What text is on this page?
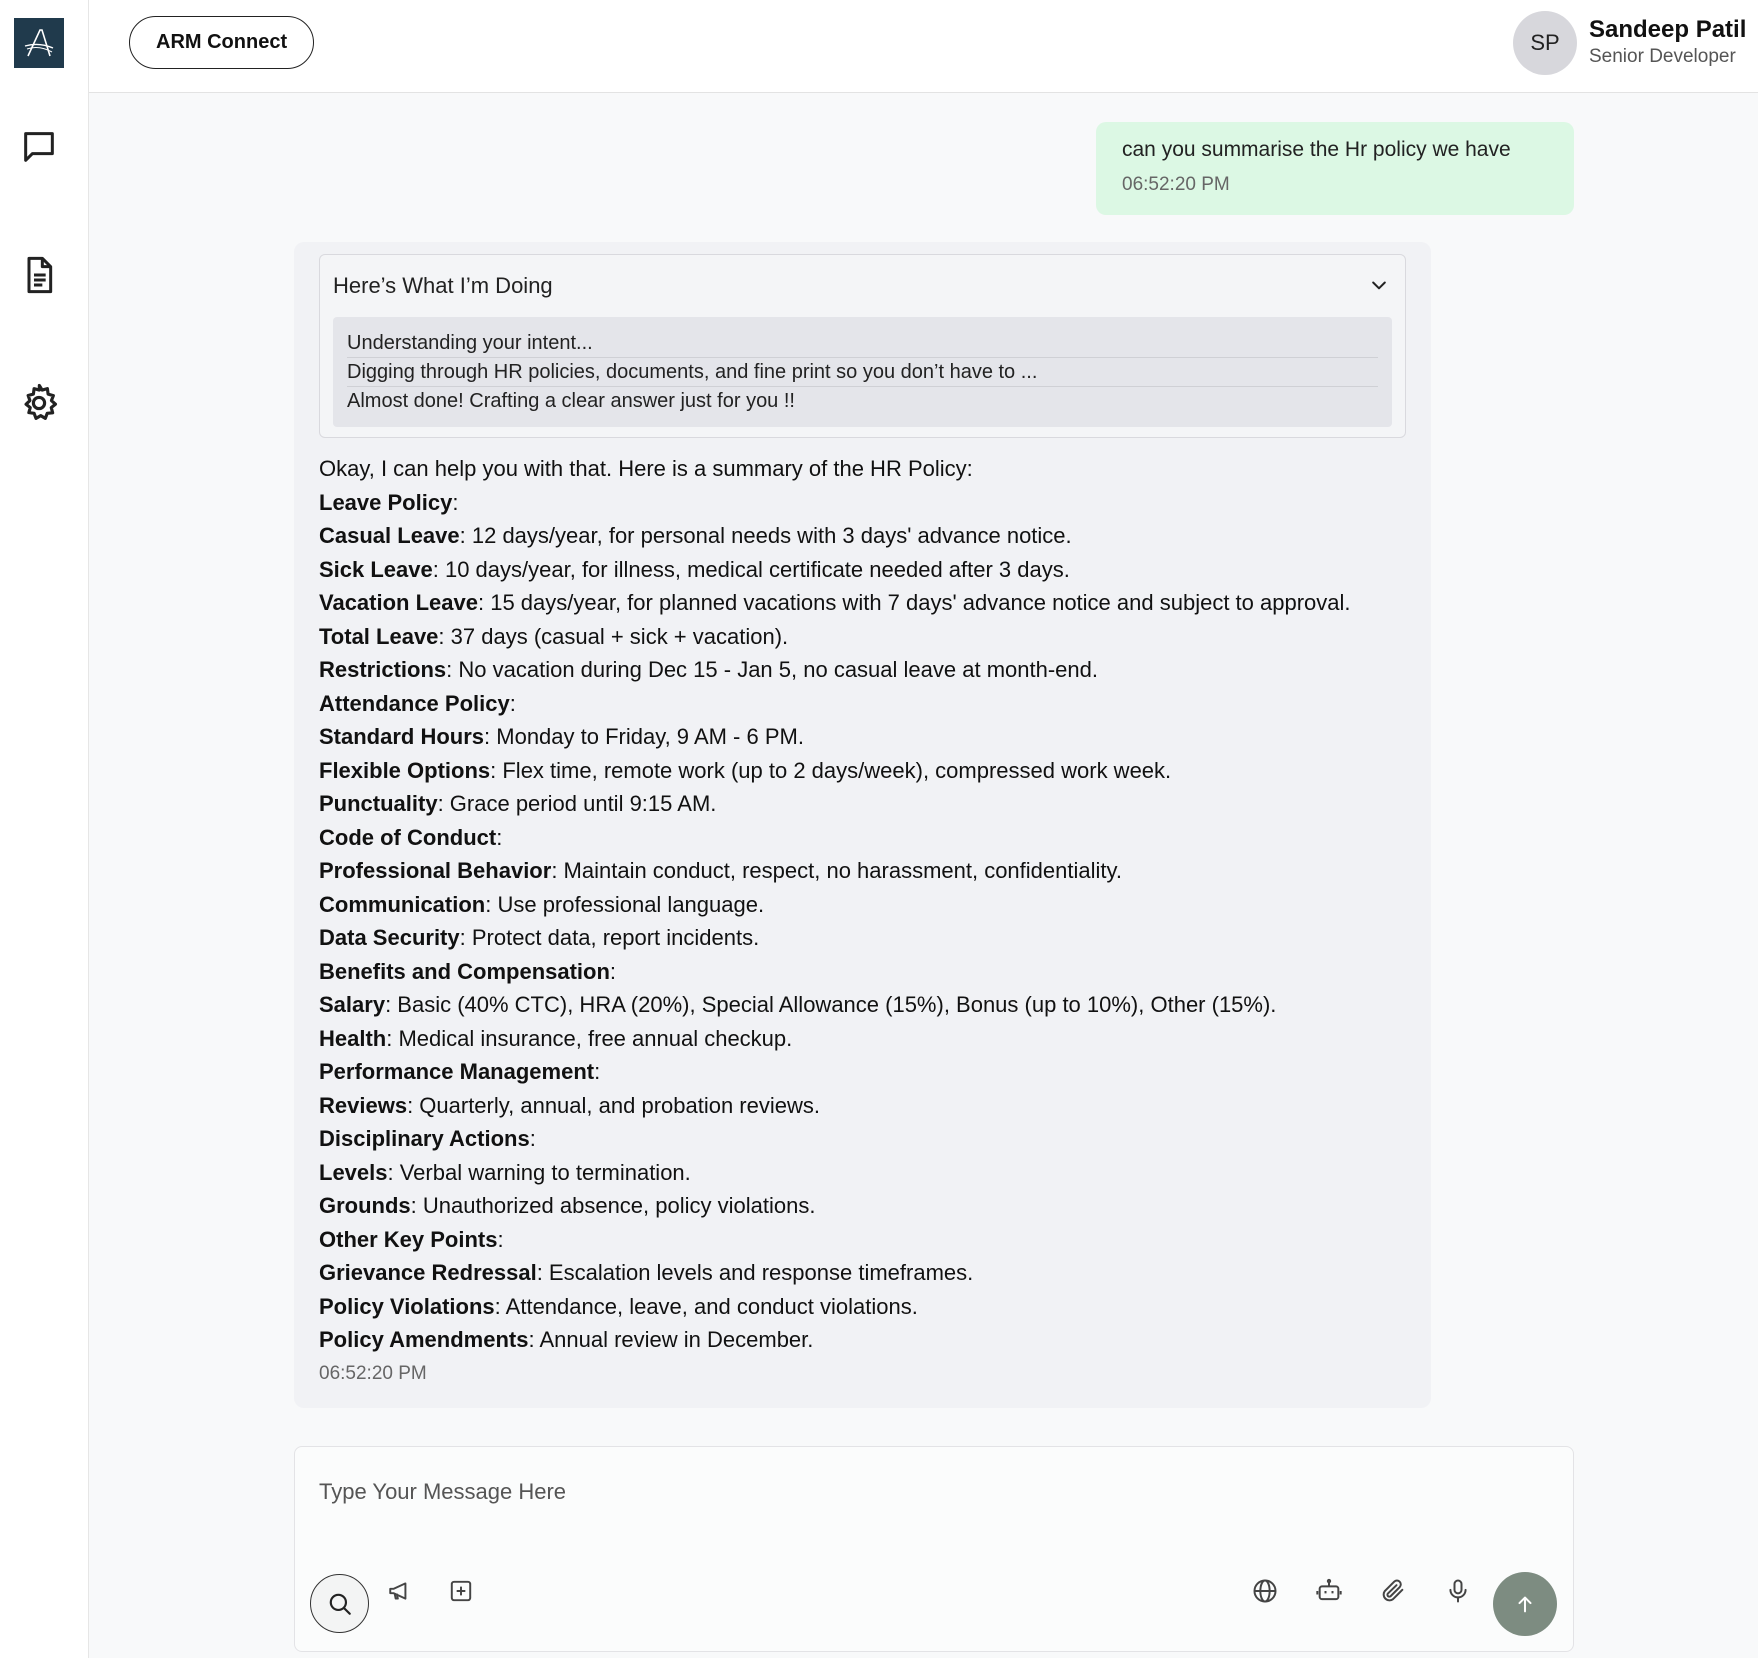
ARM Connect	SP	Sandeep Patil
Senior Developer
can you summarise the Hr policy we have
06:52:20 PM
Here’s What I’m Doing
Understanding your intent...
Digging through HR policies, documents, and fine print so you don’t have to ...
Almost done! Crafting a clear answer just for you !!
Okay, I can help you with that. Here is a summary of the HR Policy:
Leave Policy:
Casual Leave: 12 days/year, for personal needs with 3 days' advance notice.
Sick Leave: 10 days/year, for illness, medical certificate needed after 3 days.
Vacation Leave: 15 days/year, for planned vacations with 7 days' advance notice and subject to approval.
Total Leave: 37 days (casual + sick + vacation).
Restrictions: No vacation during Dec 15 - Jan 5, no casual leave at month-end.
Attendance Policy:
Standard Hours: Monday to Friday, 9 AM - 6 PM.
Flexible Options: Flex time, remote work (up to 2 days/week), compressed work week.
Punctuality: Grace period until 9:15 AM.
Code of Conduct:
Professional Behavior: Maintain conduct, respect, no harassment, confidentiality.
Communication: Use professional language.
Data Security: Protect data, report incidents.
Benefits and Compensation:
Salary: Basic (40% CTC), HRA (20%), Special Allowance (15%), Bonus (up to 10%), Other (15%).
Health: Medical insurance, free annual checkup.
Performance Management:
Reviews: Quarterly, annual, and probation reviews.
Disciplinary Actions:
Levels: Verbal warning to termination.
Grounds: Unauthorized absence, policy violations.
Other Key Points:
Grievance Redressal: Escalation levels and response timeframes.
Policy Violations: Attendance, leave, and conduct violations.
Policy Amendments: Annual review in December.
06:52:20 PM
Type Your Message Here
